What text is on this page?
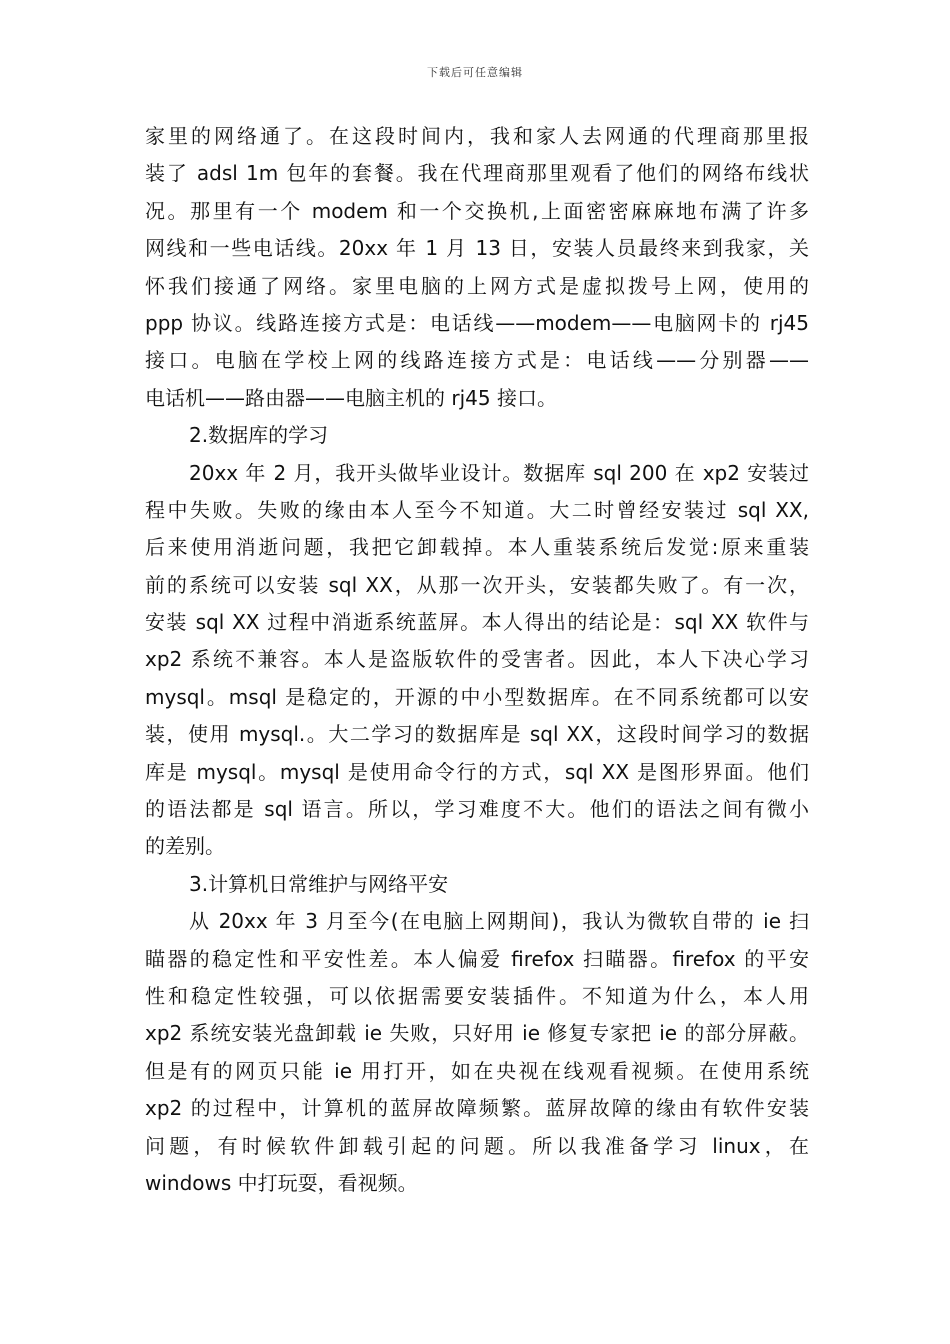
下载后可任意编辑
家里的网络通了。在这段时间内，我和家人去网通的代理商那里报
装了 adsl 1m 包年的套餐。我在代理商那里观看了他们的网络布线状
况。那里有一个 modem 和一个交换机,上面密密麻麻地布满了许多
网线和一些电话线。20xx 年 1 月 13 日，安装人员最终来到我家，关
怀我们接通了网络。家里电脑的上网方式是虚拟拨号上网，使用的
ppp 协议。线路连接方式是：电话线——modem——电脑网卡的 rj45
接口。电脑在学校上网的线路连接方式是：电话线——分别器——
电话机——路由器——电脑主机的 rj45 接口。
2.数据库的学习
20xx 年 2 月，我开头做毕业设计。数据库 sql 200 在 xp2 安装过
程中失败。失败的缘由本人至今不知道。大二时曾经安装过 sql XX,
后来使用消逝问题，我把它卸载掉。本人重装系统后发觉:原来重装
前的系统可以安装 sql XX，从那一次开头，安装都失败了。有一次，
安装 sql XX 过程中消逝系统蓝屏。本人得出的结论是：sql XX 软件与
xp2 系统不兼容。本人是盗版软件的受害者。因此，本人下决心学习
mysql。msql 是稳定的，开源的中小型数据库。在不同系统都可以安
装，使用 mysql.。大二学习的数据库是 sql XX，这段时间学习的数据
库是 mysql。mysql 是使用命令行的方式，sql XX 是图形界面。他们
的语法都是 sql 语言。所以，学习难度不大。他们的语法之间有微小
的差别。
3.计算机日常维护与网络平安
从 20xx 年 3 月至今(在电脑上网期间)，我认为微软自带的 ie 扫
瞄器的稳定性和平安性差。本人偏爱 firefox 扫瞄器。firefox 的平安
性和稳定性较强，可以依据需要安装插件。不知道为什么，本人用
xp2 系统安装光盘卸载 ie 失败，只好用 ie 修复专家把 ie 的部分屏蔽。
但是有的网页只能 ie 用打开，如在央视在线观看视频。在使用系统
xp2 的过程中，计算机的蓝屏故障频繁。蓝屏故障的缘由有软件安装
问题，有时候软件卸载引起的问题。所以我准备学习 linux，在
windows 中打玩耍，看视频。
